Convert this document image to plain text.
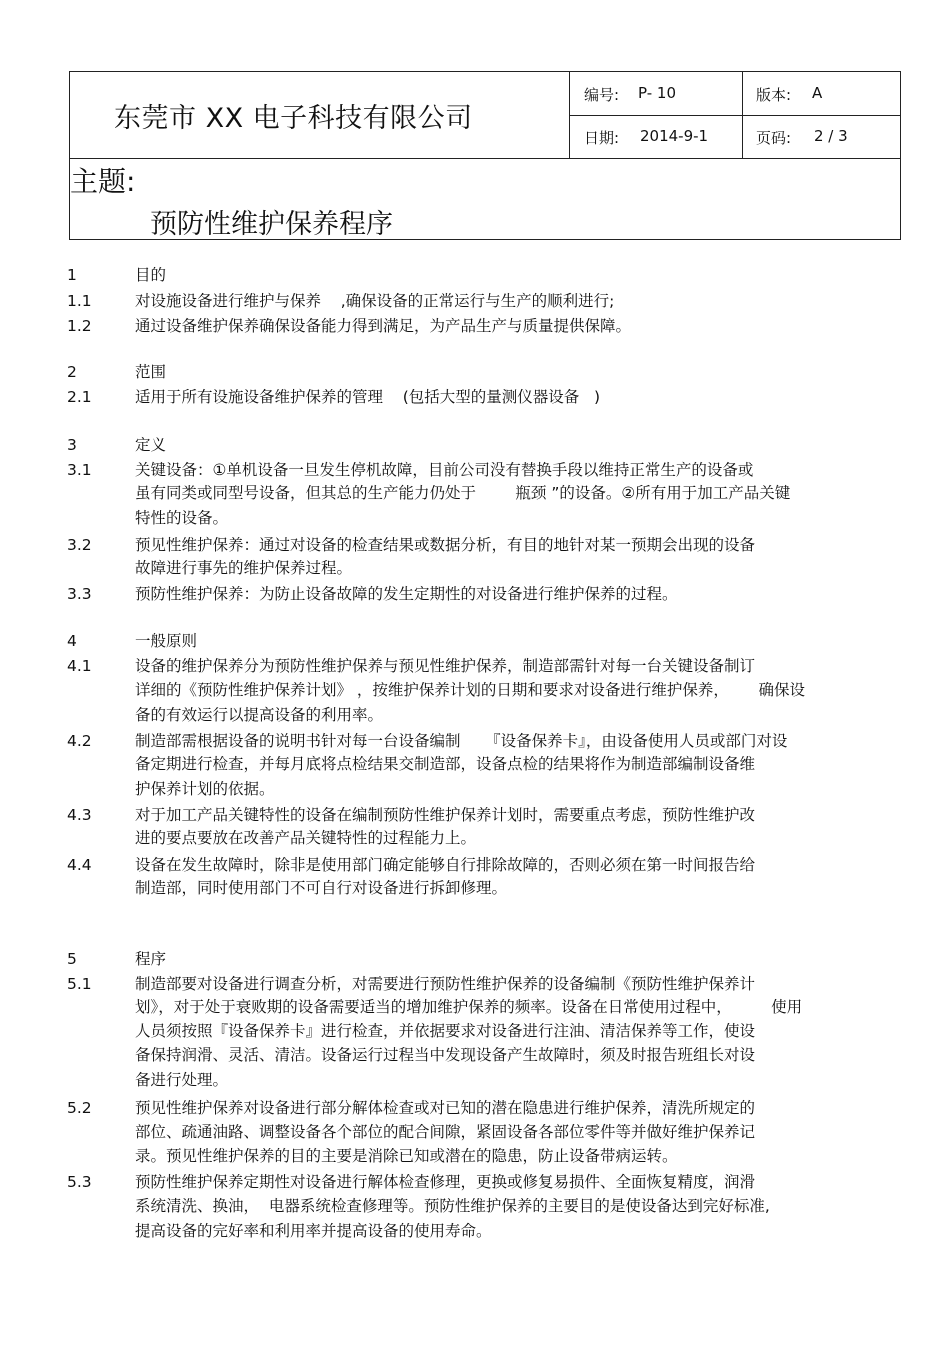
东莞市 XX 电子科技有限公司
编号: P- 10	版本: A
日期: 2014-9-1	页码: 2 / 3
主题:
预防性维护保养程序
1	目的
1.1	对设施设备进行维护与保养    ,确保设备的正常运行与生产的顺利进行;
1.2	通过设备维护保养确保设备能力得到满足，为产品生产与质量提供保障。
2	范围
2.1	适用于所有设施设备维护保养的管理    (包括大型的量测仪器设备   )
3	定义
3.1	关键设备：①单机设备一旦发生停机故障，目前公司没有替换手段以维持正常生产的设备或
虽有同类或同型号设备，但其总的生产能力仍处于        瓶颈 ”的设备。②所有用于加工产品关键
特性的设备。
3.2	预见性维护保养：通过对设备的检查结果或数据分析，有目的地针对某一预期会出现的设备
故障进行事先的维护保养过程。
3.3	预防性维护保养：为防止设备故障的发生定期性的对设备进行维护保养的过程。
4	一般原则
4.1	设备的维护保养分为预防性维护保养与预见性维护保养，制造部需针对每一台关键设备制订
详细的《预防性维护保养计划》 ，按维护保养计划的日期和要求对设备进行维护保养，      确保设
备的有效运行以提高设备的利用率。
4.2	制造部需根据设备的说明书针对每一台设备编制     『设备保养卡』，由设备使用人员或部门对设
备定期进行检查，并每月底将点检结果交制造部，设备点检的结果将作为制造部编制设备维
护保养计划的依据。
4.3	对于加工产品关键特性的设备在编制预防性维护保养计划时，需要重点考虑，预防性维护改
进的要点要放在改善产品关键特性的过程能力上。
4.4	设备在发生故障时，除非是使用部门确定能够自行排除故障的，否则必须在第一时间报告给
制造部，同时使用部门不可自行对设备进行拆卸修理。
5	程序
5.1	制造部要对设备进行调查分析，对需要进行预防性维护保养的设备编制《预防性维护保养计
划》，对于处于衰败期的设备需要适当的增加维护保养的频率。设备在日常使用过程中，        使用
人员须按照『设备保养卡』进行检查，并依据要求对设备进行注油、清洁保养等工作，使设
备保持润滑、灵活、清洁。设备运行过程当中发现设备产生故障时，须及时报告班组长对设
备进行处理。
5.2	预见性维护保养对设备进行部分解体检查或对已知的潜在隐患进行维护保养，清洗所规定的
部位、疏通油路、调整设备各个部位的配合间隙，紧固设备各部位零件等并做好维护保养记
录。预见性维护保养的目的主要是消除已知或潜在的隐患，防止设备带病运转。
5.3	预防性维护保养定期性对设备进行解体检查修理，更换或修复易损件、全面恢复精度，润滑
系统清洗、换油，  电器系统检查修理等。预防性维护保养的主要目的是使设备达到完好标准,
提高设备的完好率和利用率并提高设备的使用寿命。
